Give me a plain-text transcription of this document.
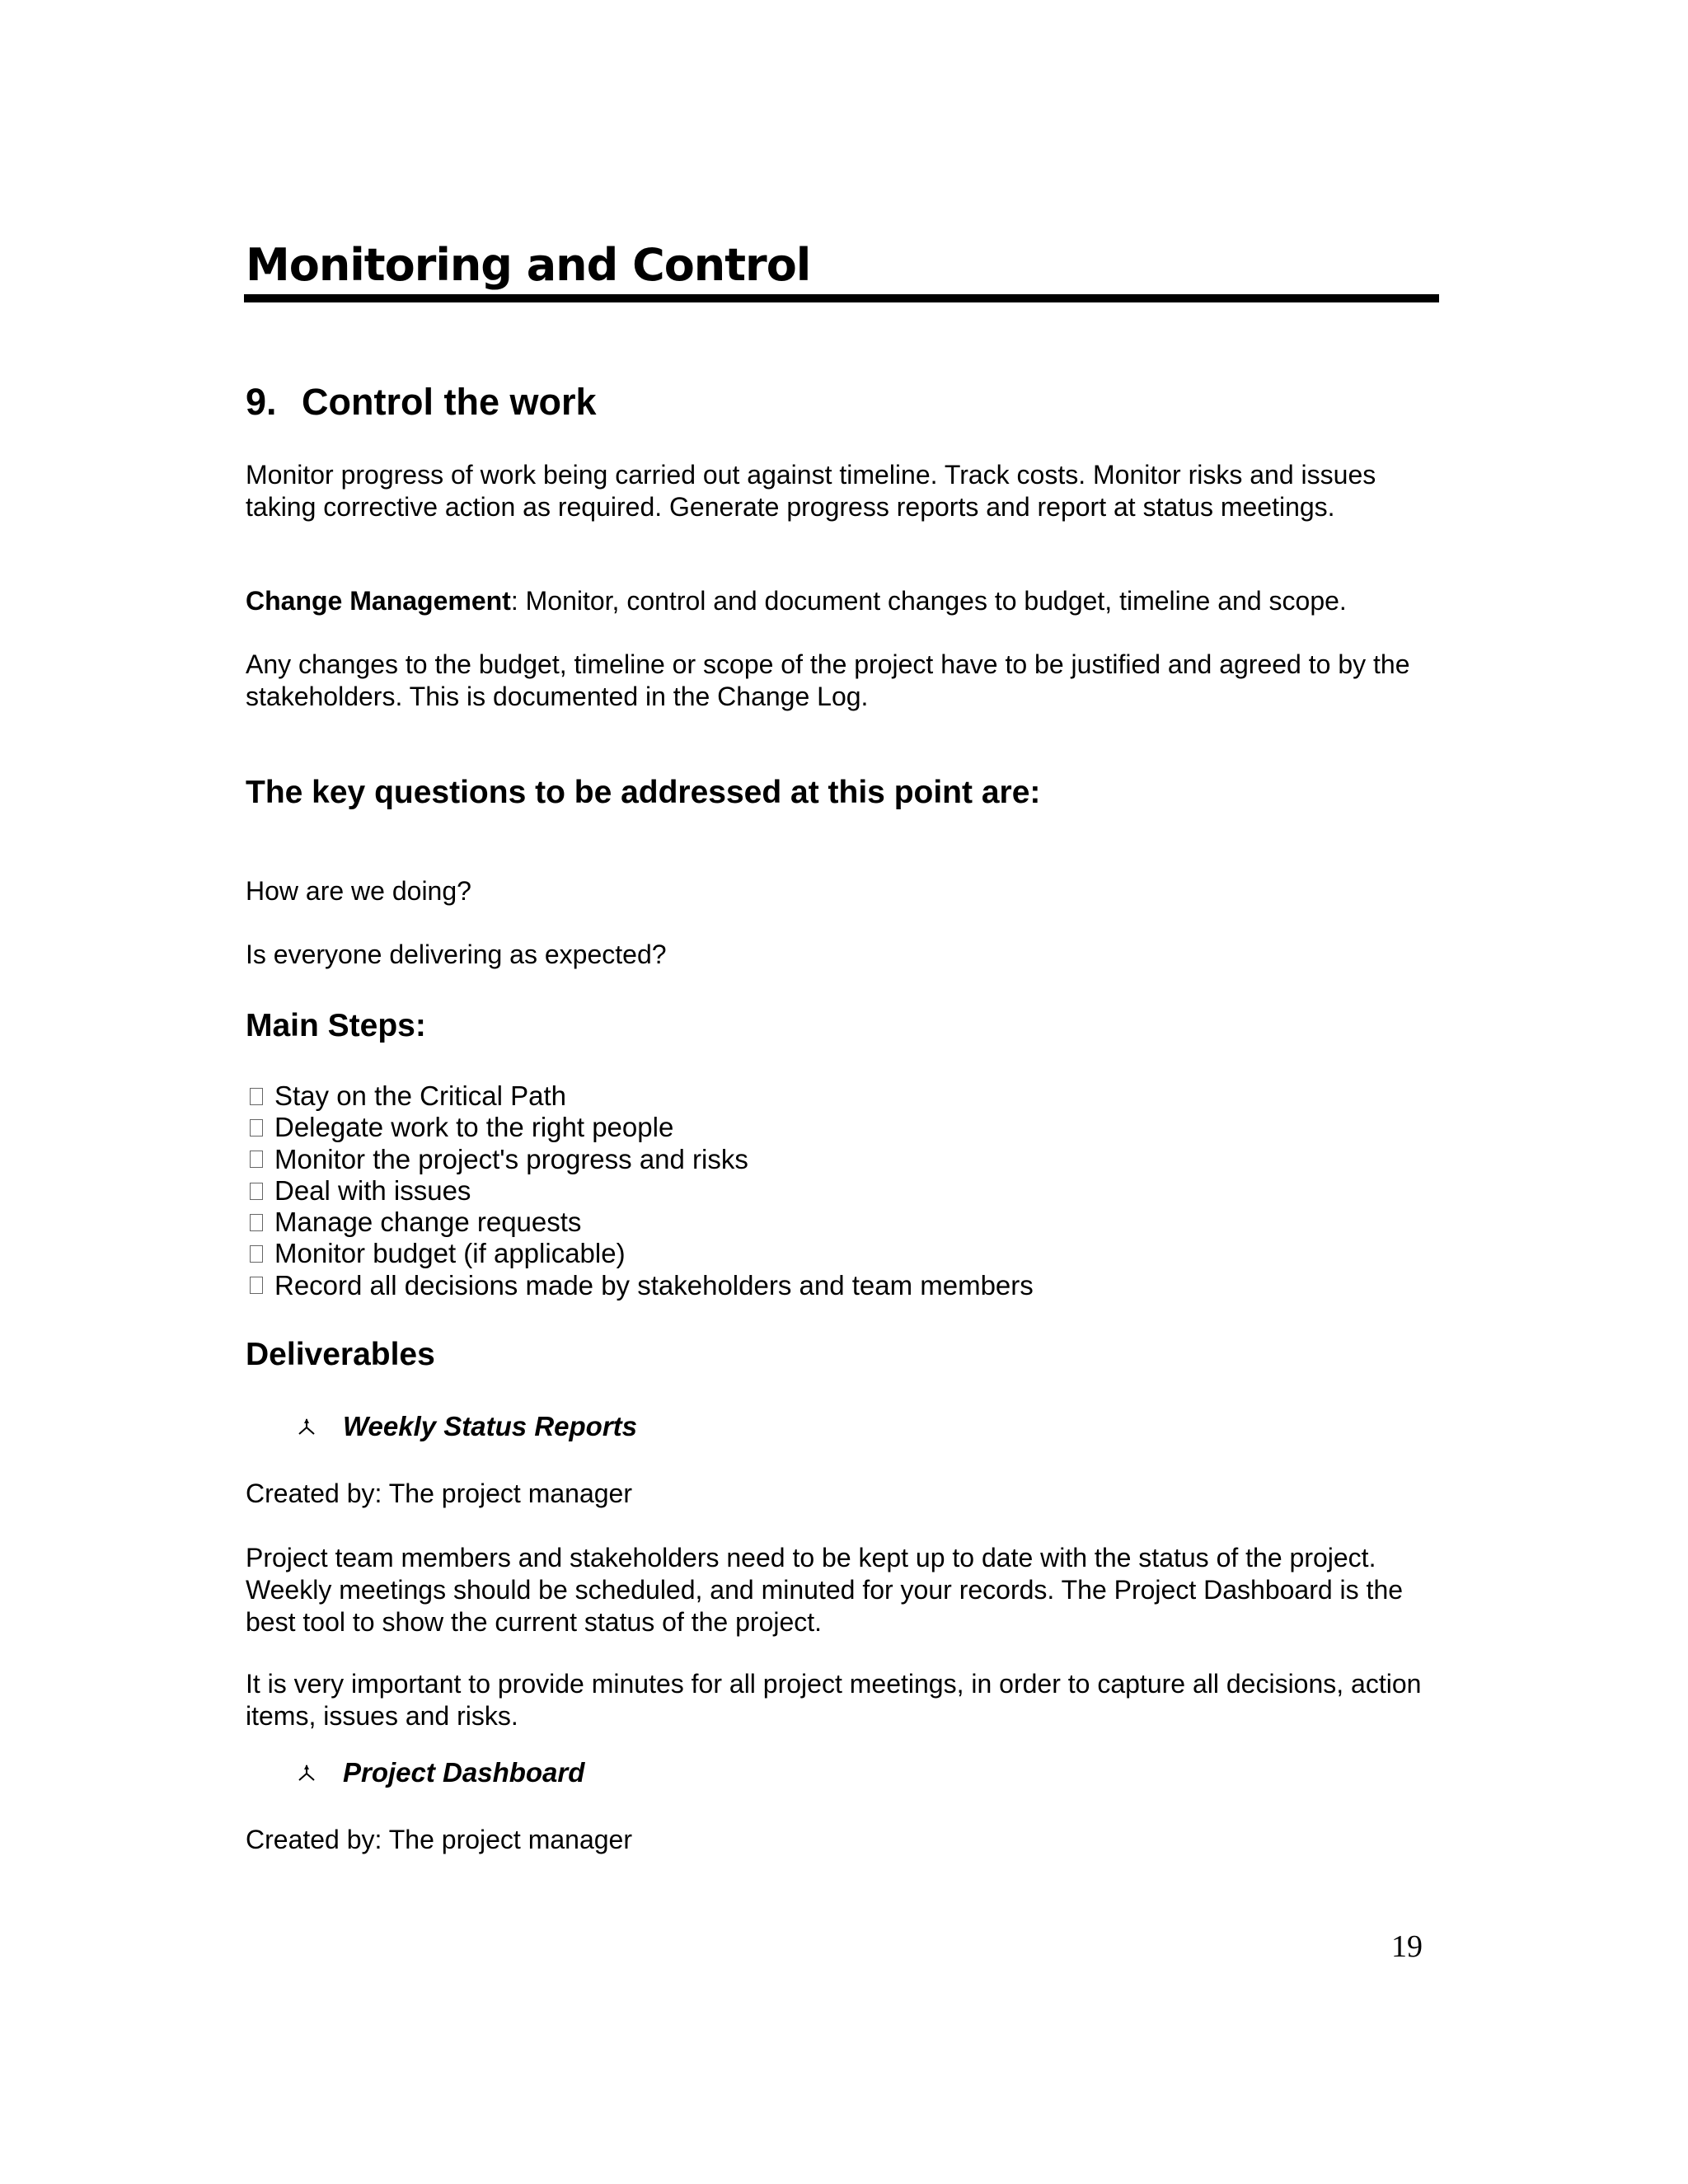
Monitoring and Control
9. Control the work

Monitor progress of work being carried out against timeline. Track costs. Monitor risks and issues taking corrective action as required. Generate progress reports and report at status meetings.

Change Management: Monitor, control and document changes to budget, timeline and scope.

Any changes to the budget, timeline or scope of the project have to be justified and agreed to by the stakeholders. This is documented in the Change Log.

The key questions to be addressed at this point are:

How are we doing?

Is everyone delivering as expected?

Main Steps:
Stay on the Critical Path
Delegate work to the right people
Monitor the project's progress and risks
Deal with issues
Manage change requests
Monitor budget (if applicable)
Record all decisions made by stakeholders and team members
Deliverables
Weekly Status Reports

Created by: The project manager

Project team members and stakeholders need to be kept up to date with the status of the project. Weekly meetings should be scheduled, and minuted for your records. The Project Dashboard is the best tool to show the current status of the project.

It is very important to provide minutes for all project meetings, in order to capture all decisions, action items, issues and risks.

Project Dashboard

Created by: The project manager

19
